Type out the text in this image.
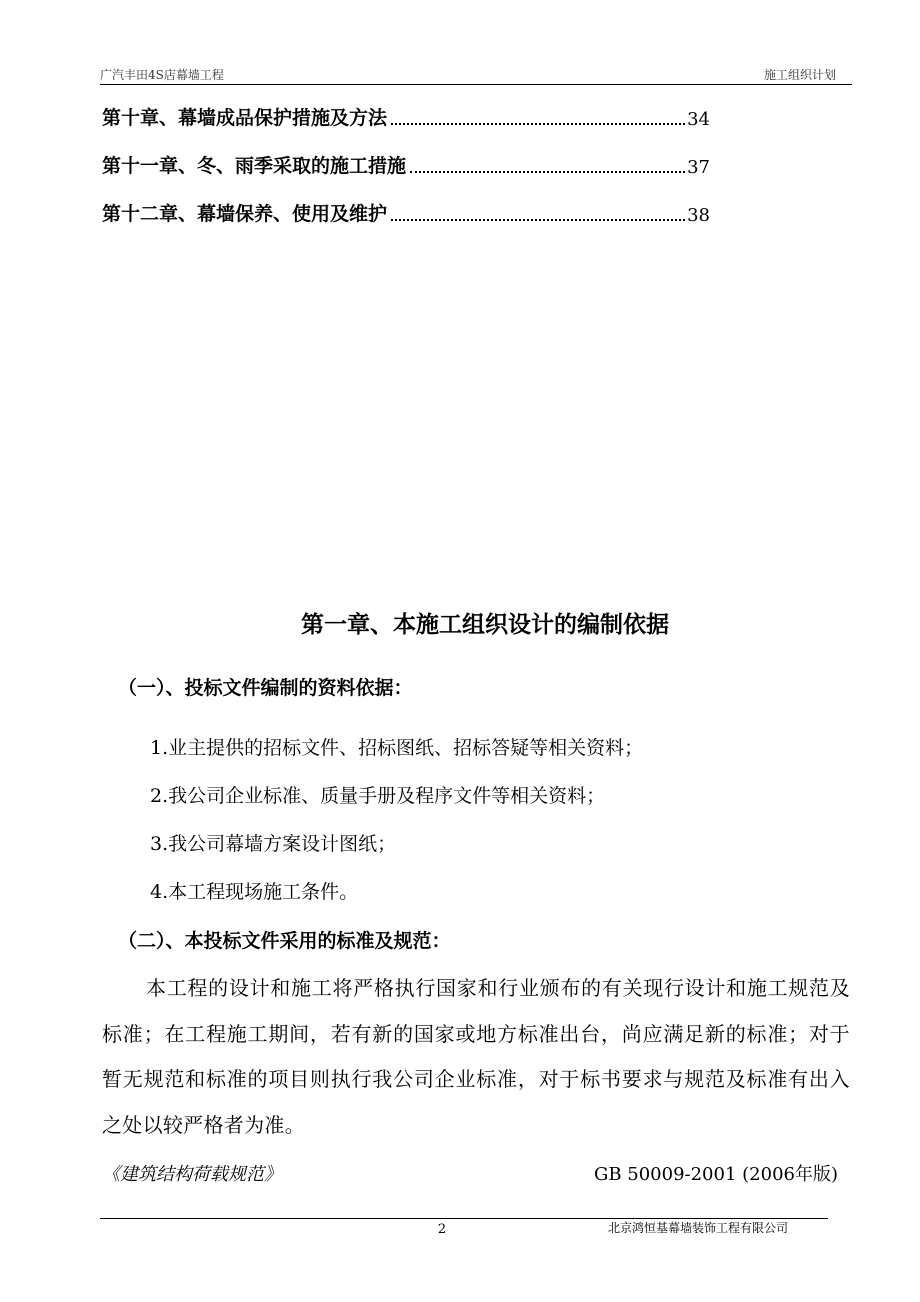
广汽丰田4S店幕墙工程	施工组织计划
第十章、幕墙成品保护措施及方法	34
第十一章、冬、雨季采取的施工措施	37
第十二章、幕墙保养、使用及维护	38
第一章、本施工组织设计的编制依据
（一）、投标文件编制的资料依据：
1.业主提供的招标文件、招标图纸、招标答疑等相关资料；
2.我公司企业标准、质量手册及程序文件等相关资料；
3.我公司幕墙方案设计图纸；
4.本工程现场施工条件。
（二）、本投标文件采用的标准及规范：
本工程的设计和施工将严格执行国家和行业颁布的有关现行设计和施工规范及标准；在工程施工期间，若有新的国家或地方标准出台，尚应满足新的标准；对于暂无规范和标准的项目则执行我公司企业标准，对于标书要求与规范及标准有出入之处以较严格者为准。
《建筑结构荷载规范》	GB 50009-2001 (2006年版)
2	北京鸿恒基幕墙装饰工程有限公司
